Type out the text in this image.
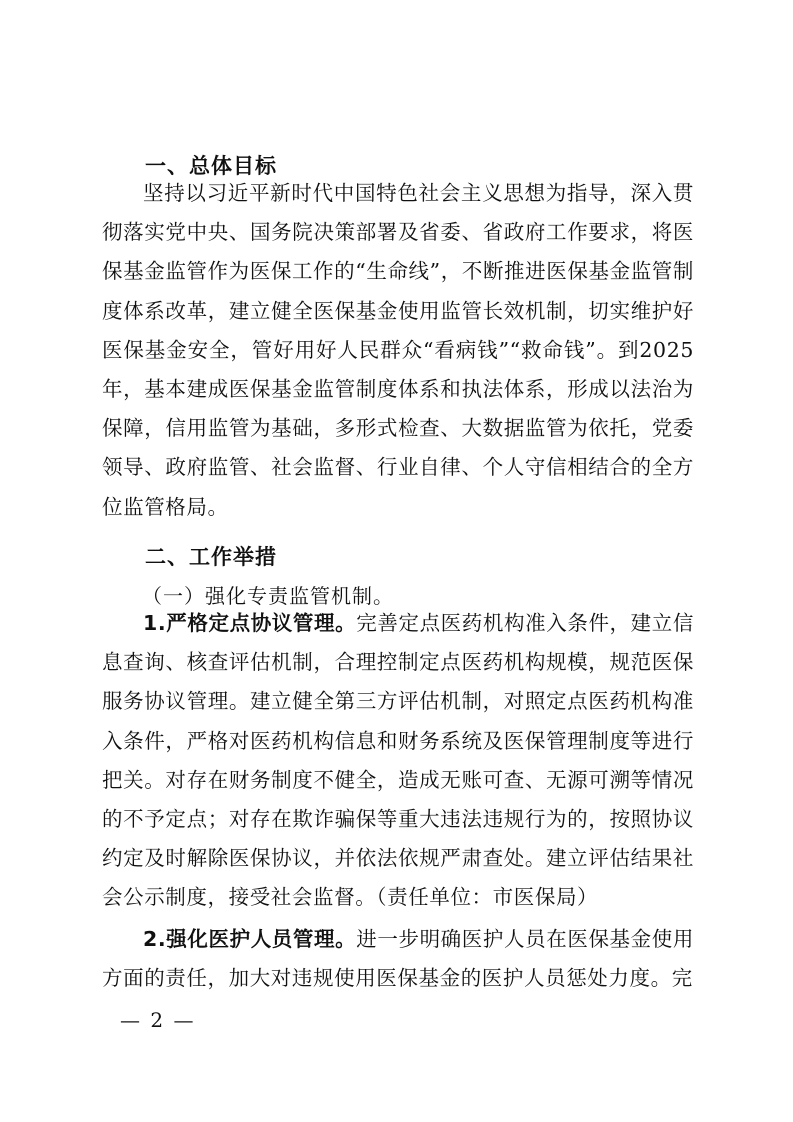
一、总体目标

坚持以习近平新时代中国特色社会主义思想为指导，深入贯彻落实党中央、国务院决策部署及省委、省政府工作要求，将医保基金监管作为医保工作的“生命线”，不断推进医保基金监管制度体系改革，建立健全医保基金使用监管长效机制，切实维护好医保基金安全，管好用好人民群众“看病钱”“救命钱”。到2025年，基本建成医保基金监管制度体系和执法体系，形成以法治为保障，信用监管为基础，多形式检查、大数据监管为依托，党委领导、政府监管、社会监督、行业自律、个人守信相结合的全方位监管格局。

二、工作举措
（一）强化专责监管机制。

1.严格定点协议管理。完善定点医药机构准入条件，建立信息查询、核查评估机制，合理控制定点医药机构规模，规范医保服务协议管理。建立健全第三方评估机制，对照定点医药机构准入条件，严格对医药机构信息和财务系统及医保管理制度等进行把关。对存在财务制度不健全，造成无账可查、无源可溯等情况的不予定点；对存在欺诈骗保等重大违法违规行为的，按照协议约定及时解除医保协议，并依法依规严肃查处。建立评估结果社会公示制度，接受社会监督。（责任单位：市医保局）

2.强化医护人员管理。进一步明确医护人员在医保基金使用方面的责任，加大对违规使用医保基金的医护人员惩处力度。完

— 2 —
